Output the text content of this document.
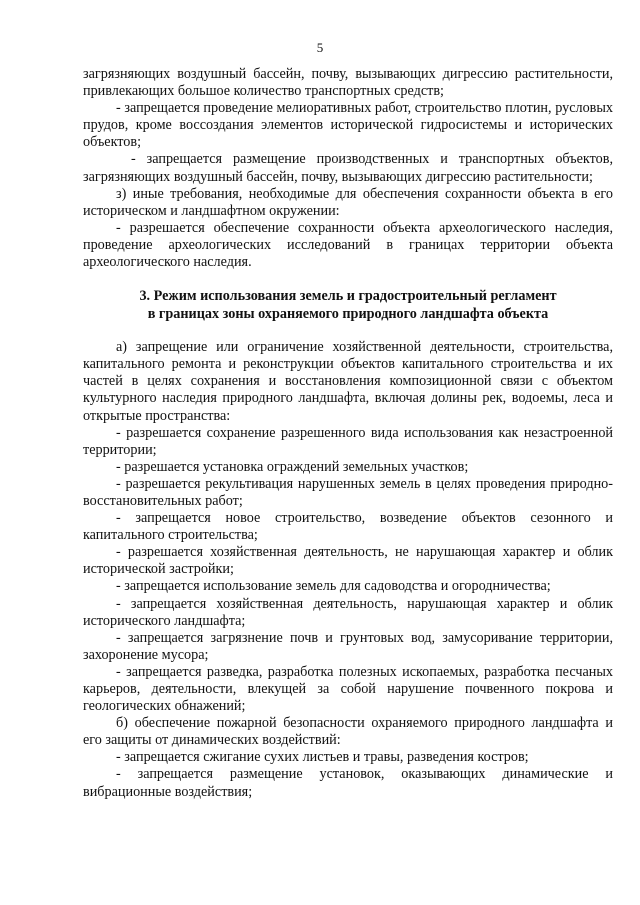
5

загрязняющих воздушный бассейн, почву, вызывающих дигрессию растительности, привлекающих большое количество транспортных средств;

- запрещается проведение мелиоративных работ, строительство плотин, русловых прудов, кроме воссоздания элементов исторической гидросистемы и исторических объектов;

- запрещается размещение производственных и транспортных объектов, загрязняющих воздушный бассейн, почву, вызывающих дигрессию растительности;

з) иные требования, необходимые для обеспечения сохранности объекта в его историческом и ландшафтном окружении:

- разрешается обеспечение сохранности объекта археологического наследия, проведение археологических исследований в границах территории объекта археологического наследия.

3. Режим использования земель и градостроительный регламент
в границах зоны охраняемого природного ландшафта объекта

а) запрещение или ограничение хозяйственной деятельности, строительства, капитального ремонта и реконструкции объектов капитального строительства и их частей в целях сохранения и восстановления композиционной связи с объектом культурного наследия природного ландшафта, включая долины рек, водоемы, леса и открытые пространства:

- разрешается сохранение разрешенного вида использования как незастроенной территории;

- разрешается установка ограждений земельных участков;

- разрешается рекультивация нарушенных земель в целях проведения природно-восстановительных работ;

- запрещается новое строительство, возведение объектов сезонного и капитального строительства;

- разрешается хозяйственная деятельность, не нарушающая характер и облик исторической застройки;

- запрещается использование земель для садоводства и огородничества;

- запрещается хозяйственная деятельность, нарушающая характер и облик исторического ландшафта;

- запрещается загрязнение почв и грунтовых вод, замусоривание территории, захоронение мусора;

- запрещается разведка, разработка полезных ископаемых, разработка песчаных карьеров, деятельности, влекущей за собой нарушение почвенного покрова и геологических обнажений;

б) обеспечение пожарной безопасности охраняемого природного ландшафта и его защиты от динамических воздействий:

- запрещается сжигание сухих листьев и травы, разведения костров;

- запрещается размещение установок, оказывающих динамические и вибрационные воздействия;
